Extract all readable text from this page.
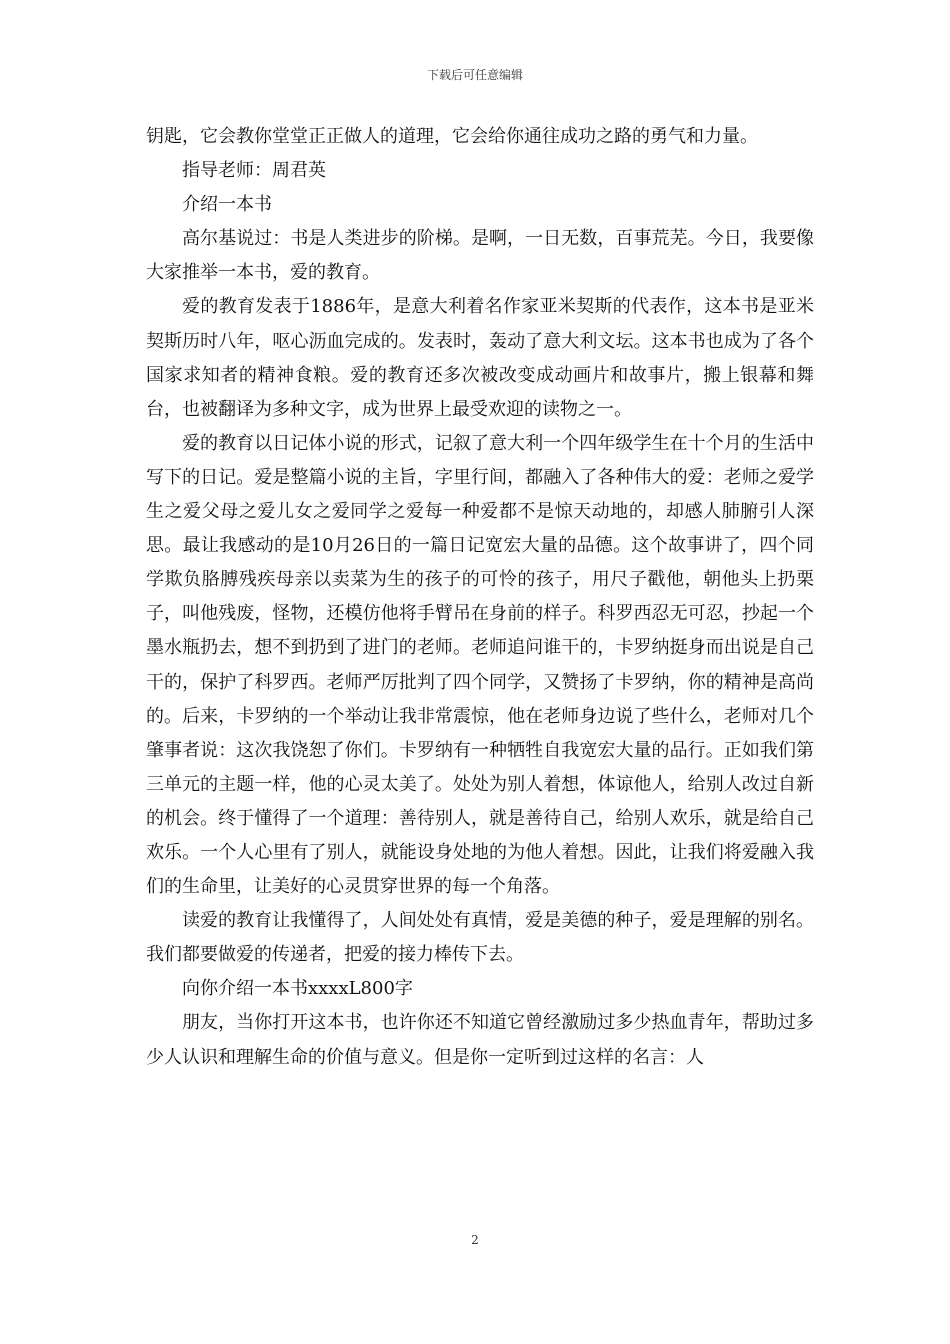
下载后可任意编辑

钥匙，它会教你堂堂正正做人的道理，它会给你通往成功之路的勇气和力量。

指导老师：周君英

介绍一本书

高尔基说过：书是人类进步的阶梯。是啊，一日无数，百事荒芜。今日，我要像大家推举一本书，爱的教育。

爱的教育发表于1886年，是意大利着名作家亚米契斯的代表作，这本书是亚米契斯历时八年，呕心沥血完成的。发表时，轰动了意大利文坛。这本书也成为了各个国家求知者的精神食粮。爱的教育还多次被改变成动画片和故事片，搬上银幕和舞台，也被翻译为多种文字，成为世界上最受欢迎的读物之一。

爱的教育以日记体小说的形式，记叙了意大利一个四年级学生在十个月的生活中写下的日记。爱是整篇小说的主旨，字里行间，都融入了各种伟大的爱：老师之爱学生之爱父母之爱儿女之爱同学之爱每一种爱都不是惊天动地的，却感人肺腑引人深思。最让我感动的是10月26日的一篇日记宽宏大量的品德。这个故事讲了，四个同学欺负胳膊残疾母亲以卖菜为生的孩子的可怜的孩子，用尺子戳他，朝他头上扔栗子，叫他残废，怪物，还模仿他将手臂吊在身前的样子。科罗西忍无可忍，抄起一个墨水瓶扔去，想不到扔到了进门的老师。老师追问谁干的，卡罗纳挺身而出说是自己干的，保护了科罗西。老师严厉批判了四个同学，又赞扬了卡罗纳，你的精神是高尚的。后来，卡罗纳的一个举动让我非常震惊，他在老师身边说了些什么，老师对几个肇事者说：这次我饶恕了你们。卡罗纳有一种牺牲自我宽宏大量的品行。正如我们第三单元的主题一样，他的心灵太美了。处处为别人着想，体谅他人，给别人改过自新的机会。终于懂得了一个道理：善待别人，就是善待自己，给别人欢乐，就是给自己欢乐。一个人心里有了别人，就能设身处地的为他人着想。因此，让我们将爱融入我们的生命里，让美好的心灵贯穿世界的每一个角落。

读爱的教育让我懂得了，人间处处有真情，爱是美德的种子，爱是理解的别名。我们都要做爱的传递者，把爱的接力棒传下去。

向你介绍一本书xxxxL800字

朋友，当你打开这本书，也许你还不知道它曾经激励过多少热血青年，帮助过多少人认识和理解生命的价值与意义。但是你一定听到过这样的名言：人

2
